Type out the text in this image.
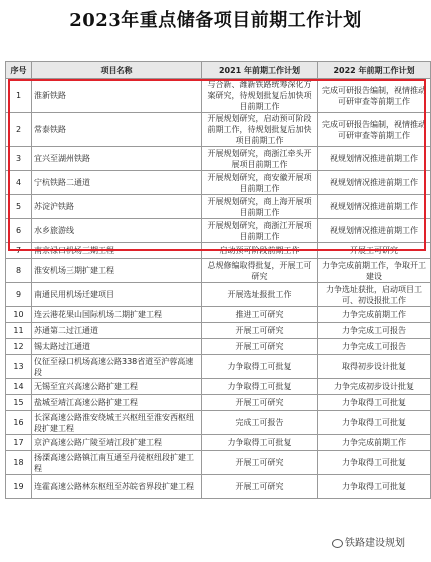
2023年重点储备项目前期工作计划
序号	项目名称	2021 年前期工作计划	2022 年前期工作计划
1	淮新铁路	与合新、潍新铁路统筹深化方案研究，待规划批复后加快项目前期工作	完成可研报告编制，视情推动可研审查等前期工作
2	常泰铁路	开展规划研究，启动预可阶段前期工作，待规划批复后加快项目前期工作	完成可研报告编制，视情推动可研审查等前期工作
3	宜兴至湖州铁路	开展规划研究，商浙江牵头开展项目前期工作	视规划情况推进前期工作
4	宁杭铁路二通道	开展规划研究，商安徽开展项目前期工作	视规划情况推进前期工作
5	苏淀沪铁路	开展规划研究，商上海开展项目前期工作	视规划情况推进前期工作
6	水乡旅游线	开展规划研究，商浙江开展项目前期工作	视规划情况推进前期工作
7	南京禄口机场三期工程	启动预可阶段前期工作	开展工可研究
8	淮安机场三期扩建工程	总规修编取得批复，开展工可研究	力争完成前期工作，争取开工建设
9	南通民用机场迁建项目	开展选址报批工作	力争选址获批，启动项目工可、初设报批工作
10	连云港花果山国际机场二期扩建工程	推进工可研究	力争完成前期工作
11	苏通第二过江通道	开展工可研究	力争完成工可报告
12	锡太路过江通道	开展工可研究	力争完成工可报告
13	仪征至禄口机场高速公路338省道至沪蓉高速段	力争取得工可批复	取得初步设计批复
14	无锡至宜兴高速公路扩建工程	力争取得工可批复	力争完成初步设计批复
15	盐城至靖江高速公路扩建工程	开展工可研究	力争取得工可批复
16	长深高速公路淮安绕城王兴枢纽至淮安西枢纽段扩建工程	完成工可报告	力争取得工可批复
17	京沪高速公路广陵至靖江段扩建工程	力争取得工可批复	力争完成前期工作
18	扬溧高速公路镇江南互通至丹徒枢纽段扩建工程	开展工可研究	力争取得工可批复
19	连霍高速公路林东枢纽至苏皖省界段扩建工程	开展工可研究	力争取得工可批复
铁路建设规划
